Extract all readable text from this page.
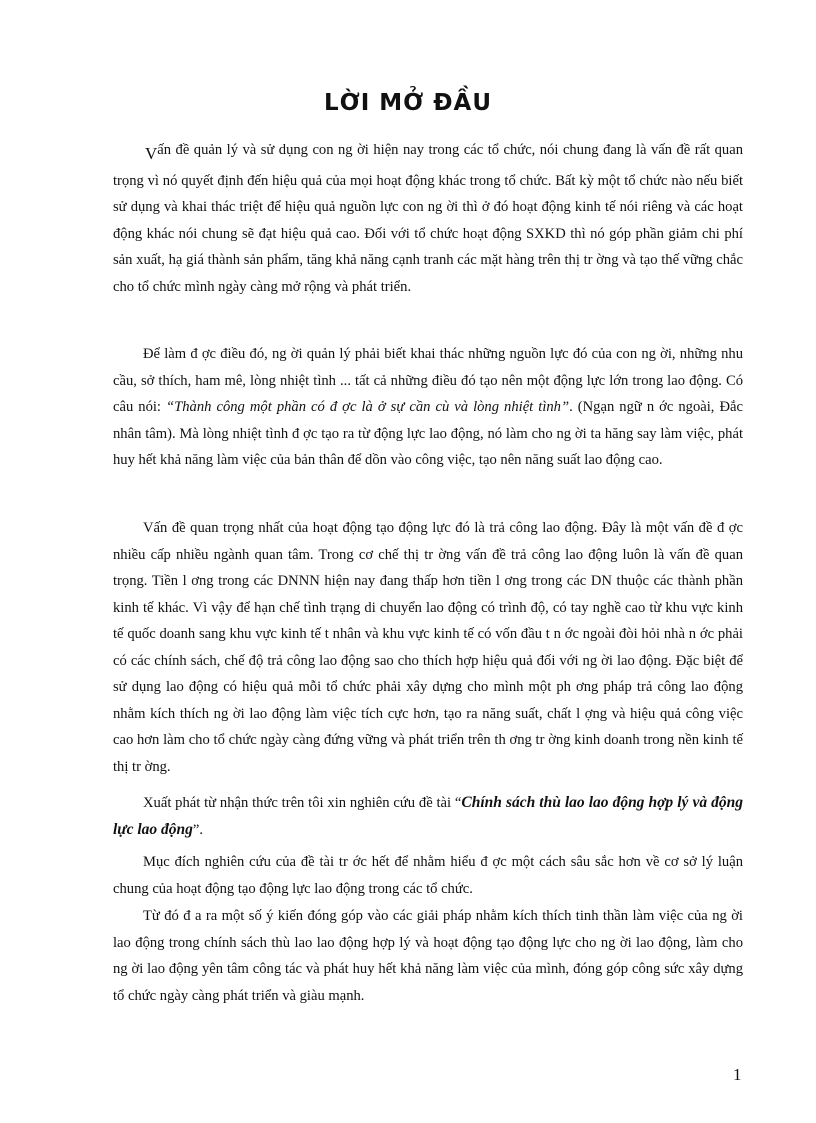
LỜI MỞ ĐẦU

Vấn đề quản lý và sử dụng con ng ời hiện nay trong các tổ chức, nói chung đang là vấn đề rất quan trọng vì nó quyết định đến hiệu quả của mọi hoạt động khác trong tổ chức. Bất kỳ một tổ chức nào nếu biết sử dụng và khai thác triệt để hiệu quả nguồn lực con ng ời thì ở đó hoạt động kinh tế nói riêng và các hoạt động khác nói chung sẽ đạt hiệu quả cao. Đối với tổ chức hoạt động SXKD thì nó góp phần giảm chi phí sản xuất, hạ giá thành sản phẩm, tăng khả năng cạnh tranh các mặt hàng trên thị tr ờng và tạo thế vững chắc cho tổ chức mình ngày càng mở rộng và phát triển.

Để làm đ ợc điều đó, ng ời quản lý phải biết khai thác những nguồn lực đó của con ng ời, những nhu cầu, sở thích, ham mê, lòng nhiệt tình ... tất cả những điều đó tạo nên một động lực lớn trong lao động. Có câu nói: “Thành công một phần có đ ợc là ở sự cần cù và lòng nhiệt tình”. (Ngạn ngữ n ớc ngoài, Đắc nhân tâm). Mà lòng nhiệt tình đ ợc tạo ra từ động lực lao động, nó làm cho ng ời ta hăng say làm việc, phát huy hết khả năng làm việc của bản thân để dồn vào công việc, tạo nên năng suất lao động cao.

Vấn đề quan trọng nhất của hoạt động tạo động lực đó là trả công lao động. Đây là một vấn đề đ ợc nhiều cấp nhiều ngành quan tâm. Trong cơ chế thị tr ờng vấn đề trả công lao động luôn là vấn đề quan trọng. Tiền l ơng trong các DNNN hiện nay đang thấp hơn tiền l ơng trong các DN thuộc các thành phần kinh tế khác. Vì vậy để hạn chế tình trạng di chuyển lao động có trình độ, có tay nghề cao từ khu vực kinh tế quốc doanh sang khu vực kinh tế t nhân và khu vực kinh tế có vốn đầu t n ớc ngoài đòi hỏi nhà n ớc phải có các chính sách, chế độ trả công lao động sao cho thích hợp hiệu quả đối với ng ời lao động. Đặc biệt để sử dụng lao động có hiệu quả mỗi tổ chức phải xây dựng cho mình một ph ơng pháp trả công lao động nhằm kích thích ng ời lao động làm việc tích cực hơn, tạo ra năng suất, chất l ợng và hiệu quả công việc cao hơn làm cho tổ chức ngày càng đứng vững và phát triển trên th ơng tr ờng kinh doanh trong nền kinh tế thị tr ờng.

Xuất phát từ nhận thức trên tôi xin nghiên cứu đề tài “Chính sách thù lao lao động hợp lý và động lực lao động”.

Mục đích nghiên cứu của đề tài tr ớc hết để nhằm hiểu đ ợc một cách sâu sắc hơn về cơ sở lý luận chung của hoạt động tạo động lực lao động trong các tổ chức.

Từ đó đ a ra một số ý kiến đóng góp vào các giải pháp nhằm kích thích tinh thần làm việc của ng ời lao động trong chính sách thù lao lao động hợp lý và hoạt động tạo động lực cho ng ời lao động, làm cho ng ời lao động yên tâm công tác và phát huy hết khả năng làm việc của mình, đóng góp công sức xây dựng tổ chức ngày càng phát triển và giàu mạnh.

1
